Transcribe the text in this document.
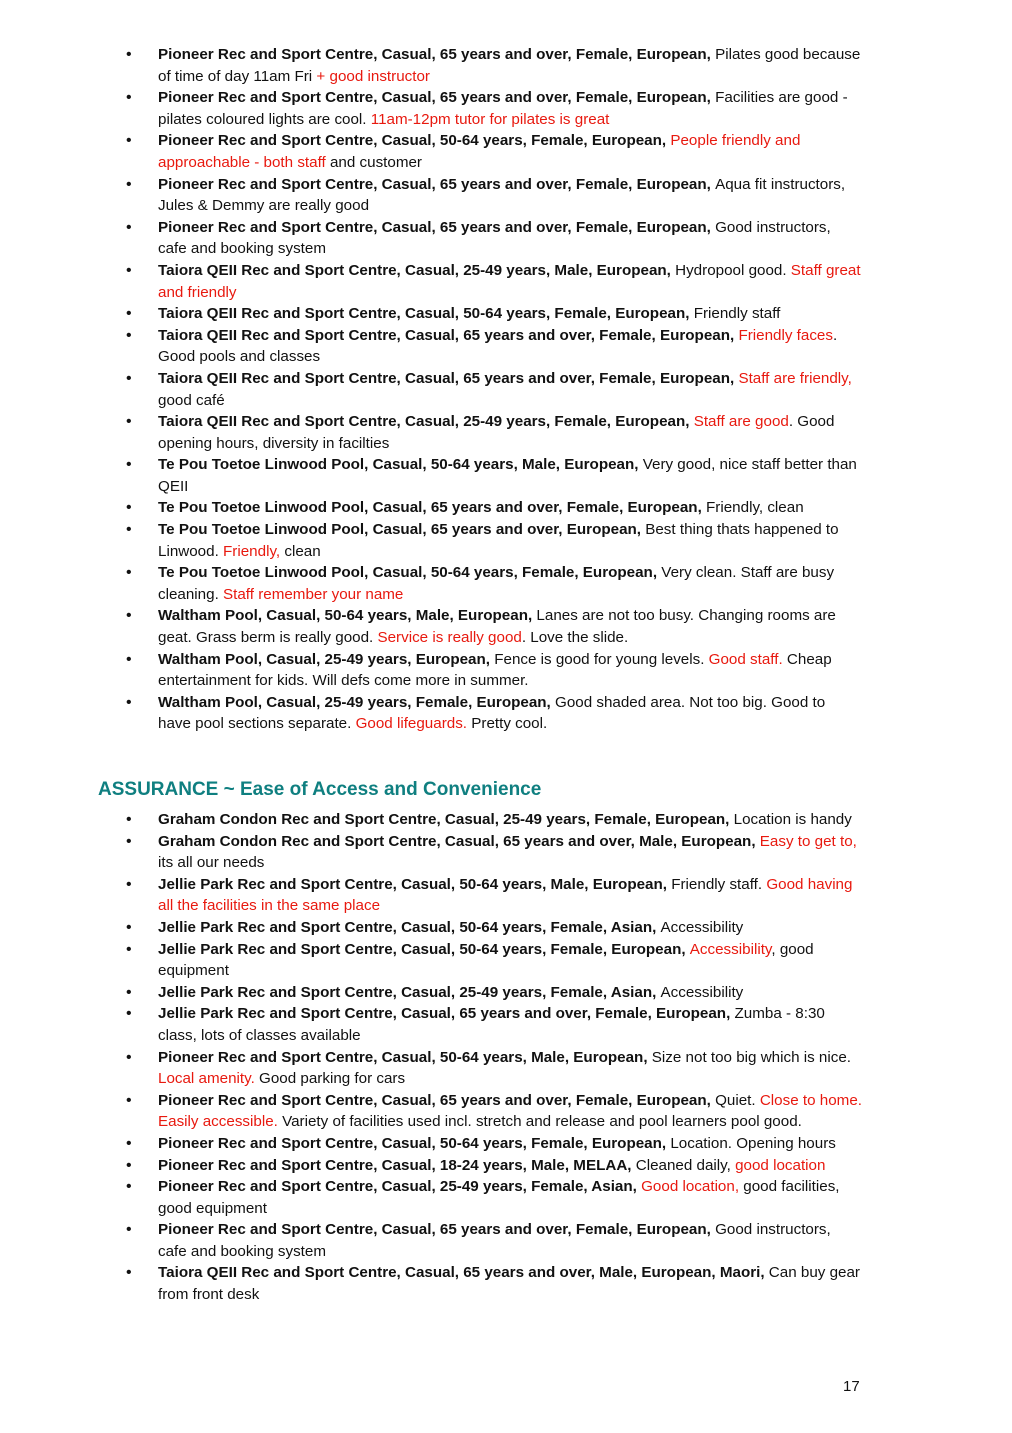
• Pioneer Rec and Sport Centre, Casual, 65 years and over, Female, European, Pilates good because of time of day 11am Fri + good instructor
• Pioneer Rec and Sport Centre, Casual, 65 years and over, Female, European, Facilities are good - pilates coloured lights are cool. 11am-12pm tutor for pilates is great
• Pioneer Rec and Sport Centre, Casual, 50-64 years, Female, European, People friendly and approachable - both staff and customer
• Pioneer Rec and Sport Centre, Casual, 65 years and over, Female, European, Aqua fit instructors, Jules & Demmy are really good
• Pioneer Rec and Sport Centre, Casual, 65 years and over, Female, European, Good instructors, cafe and booking system
• Taiora QEII Rec and Sport Centre, Casual, 25-49 years, Male, European, Hydropool good. Staff great and friendly
• Taiora QEII Rec and Sport Centre, Casual, 50-64 years, Female, European, Friendly staff
• Taiora QEII Rec and Sport Centre, Casual, 65 years and over, Female, European, Friendly faces. Good pools and classes
• Taiora QEII Rec and Sport Centre, Casual, 65 years and over, Female, European, Staff are friendly, good café
• Taiora QEII Rec and Sport Centre, Casual, 25-49 years, Female, European, Staff are good. Good opening hours, diversity in facilties
• Te Pou Toetoe Linwood Pool, Casual, 50-64 years, Male, European, Very good, nice staff better than QEII
• Te Pou Toetoe Linwood Pool, Casual, 65 years and over, Female, European, Friendly, clean
• Te Pou Toetoe Linwood Pool, Casual, 65 years and over, European, Best thing thats happened to Linwood. Friendly, clean
• Te Pou Toetoe Linwood Pool, Casual, 50-64 years, Female, European, Very clean. Staff are busy cleaning. Staff remember your name
• Waltham Pool, Casual, 50-64 years, Male, European, Lanes are not too busy. Changing rooms are geat. Grass berm is really good. Service is really good. Love the slide.
• Waltham Pool, Casual, 25-49 years, European, Fence is good for young levels. Good staff. Cheap entertainment for kids. Will defs come more in summer.
• Waltham Pool, Casual, 25-49 years, Female, European, Good shaded area. Not too big. Good to have pool sections separate. Good lifeguards. Pretty cool.
ASSURANCE ~ Ease of Access and Convenience
• Graham Condon Rec and Sport Centre, Casual, 25-49 years, Female, European, Location is handy
• Graham Condon Rec and Sport Centre, Casual, 65 years and over, Male, European, Easy to get to, its all our needs
• Jellie Park Rec and Sport Centre, Casual, 50-64 years, Male, European, Friendly staff. Good having all the facilities in the same place
• Jellie Park Rec and Sport Centre, Casual, 50-64 years, Female, Asian, Accessibility
• Jellie Park Rec and Sport Centre, Casual, 50-64 years, Female, European, Accessibility, good equipment
• Jellie Park Rec and Sport Centre, Casual, 25-49 years, Female, Asian, Accessibility
• Jellie Park Rec and Sport Centre, Casual, 65 years and over, Female, European, Zumba - 8:30 class, lots of classes available
• Pioneer Rec and Sport Centre, Casual, 50-64 years, Male, European, Size not too big which is nice. Local amenity. Good parking for cars
• Pioneer Rec and Sport Centre, Casual, 65 years and over, Female, European, Quiet. Close to home. Easily accessible. Variety of facilities used incl. stretch and release and pool learners pool good.
• Pioneer Rec and Sport Centre, Casual, 50-64 years, Female, European, Location. Opening hours
• Pioneer Rec and Sport Centre, Casual, 18-24 years, Male, MELAA, Cleaned daily, good location
• Pioneer Rec and Sport Centre, Casual, 25-49 years, Female, Asian, Good location, good facilities, good equipment
• Pioneer Rec and Sport Centre, Casual, 65 years and over, Female, European, Good instructors, cafe and booking system
• Taiora QEII Rec and Sport Centre, Casual, 65 years and over, Male, European, Maori, Can buy gear from front desk
17
